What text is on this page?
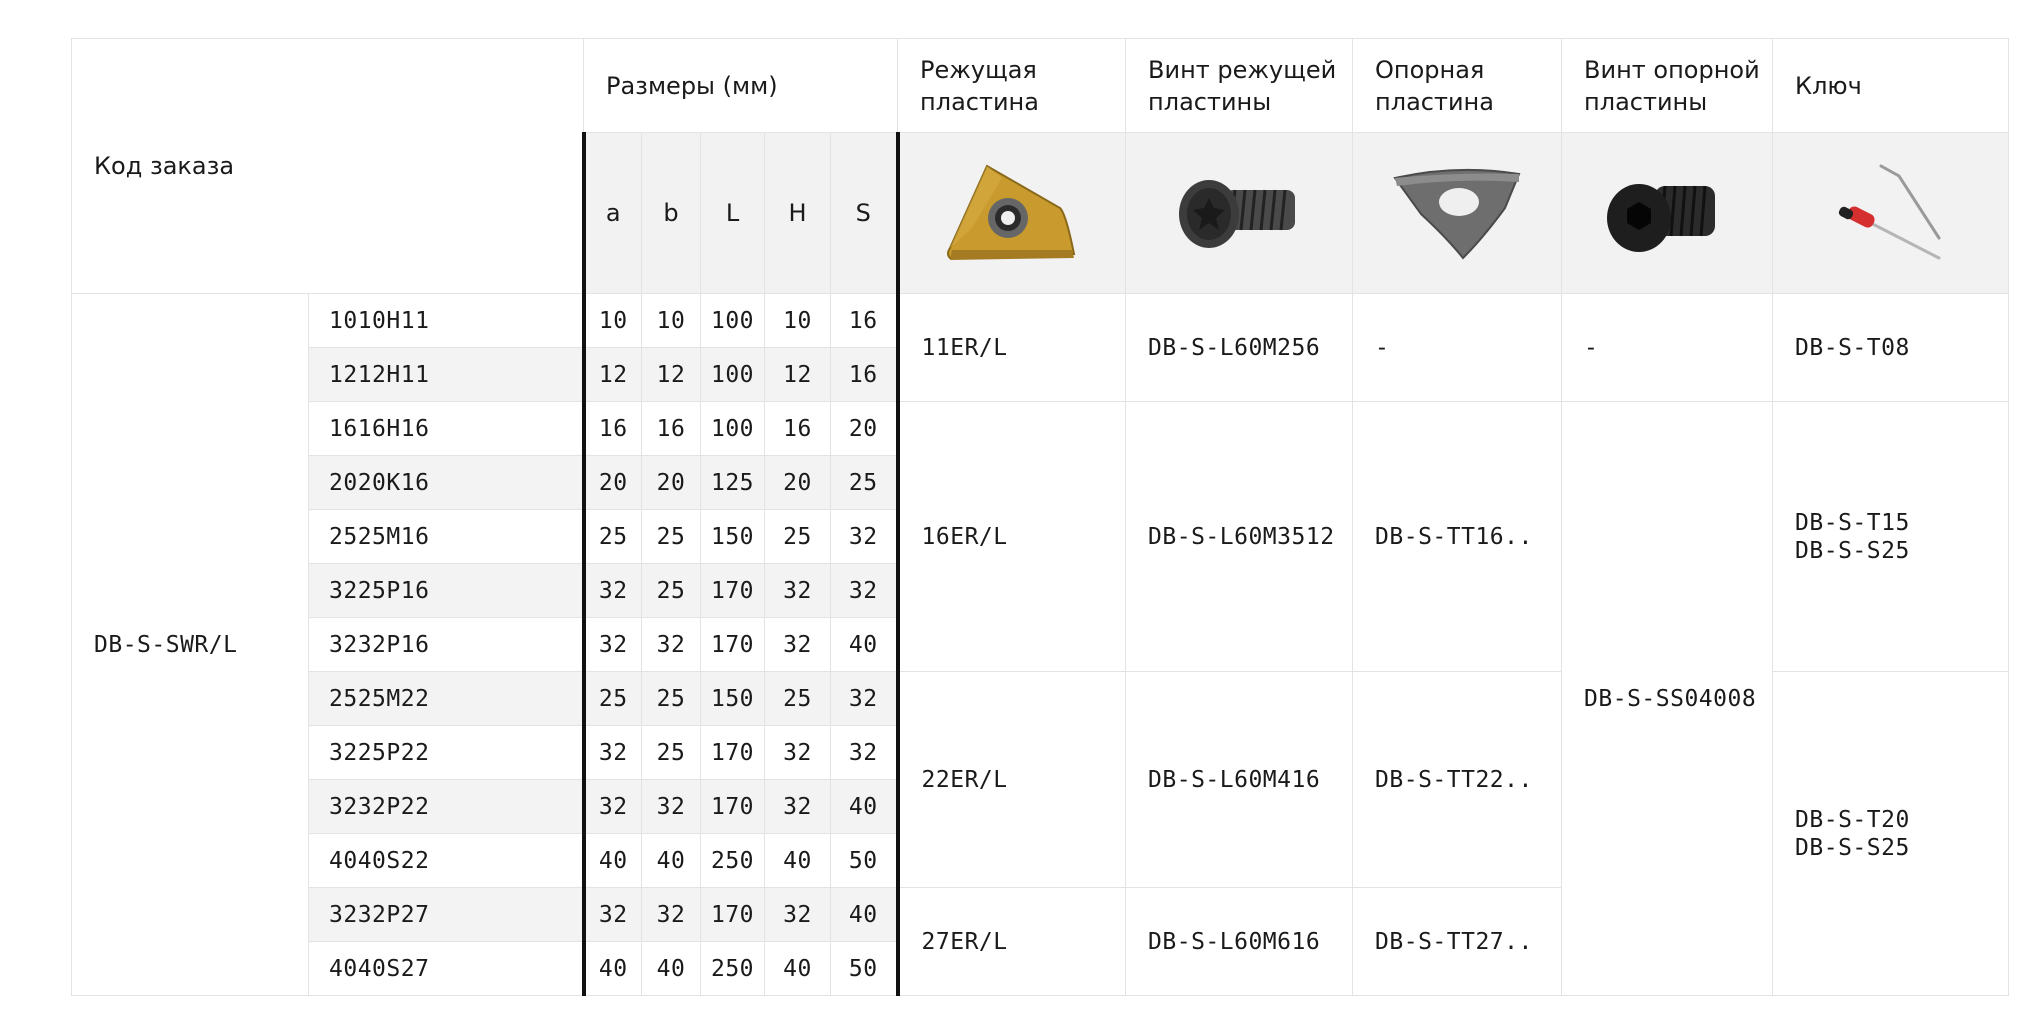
Код заказа		Размеры (мм)					Режущая пластина	Винт режущей пластины	Опорная пластина	Винт опорной пластины	Ключ
		a	b	L	H	S	

DB-S-SWR/L	1010H11	10	10	100	10	16	11ER/L	DB-S-L60M256	-	-	DB-S-T08

	1212H11	12	12	100	12	16					
	1616H16	16	16	100	16	20	16ER/L	DB-S-L60M3512	DB-S-TT16..	DB-S-SS04008	DB-S-T15
DB-S-S25

	2020K16	20	20	125	20	25					
	2525M16	25	25	150	25	32					
	3225P16	32	25	170	32	32					
	3232P16	32	32	170	32	40					
	2525M22	25	25	150	25	32	22ER/L	DB-S-L60M416	DB-S-TT22..		DB-S-T20
DB-S-S25

	3225P22	32	25	170	32	32					
	3232P22	32	32	170	32	40					
	4040S22	40	40	250	40	50					
	3232P27	32	32	170	32	40	27ER/L	DB-S-L60M616	DB-S-TT27..		
	4040S27	40	40	250	40	50					
